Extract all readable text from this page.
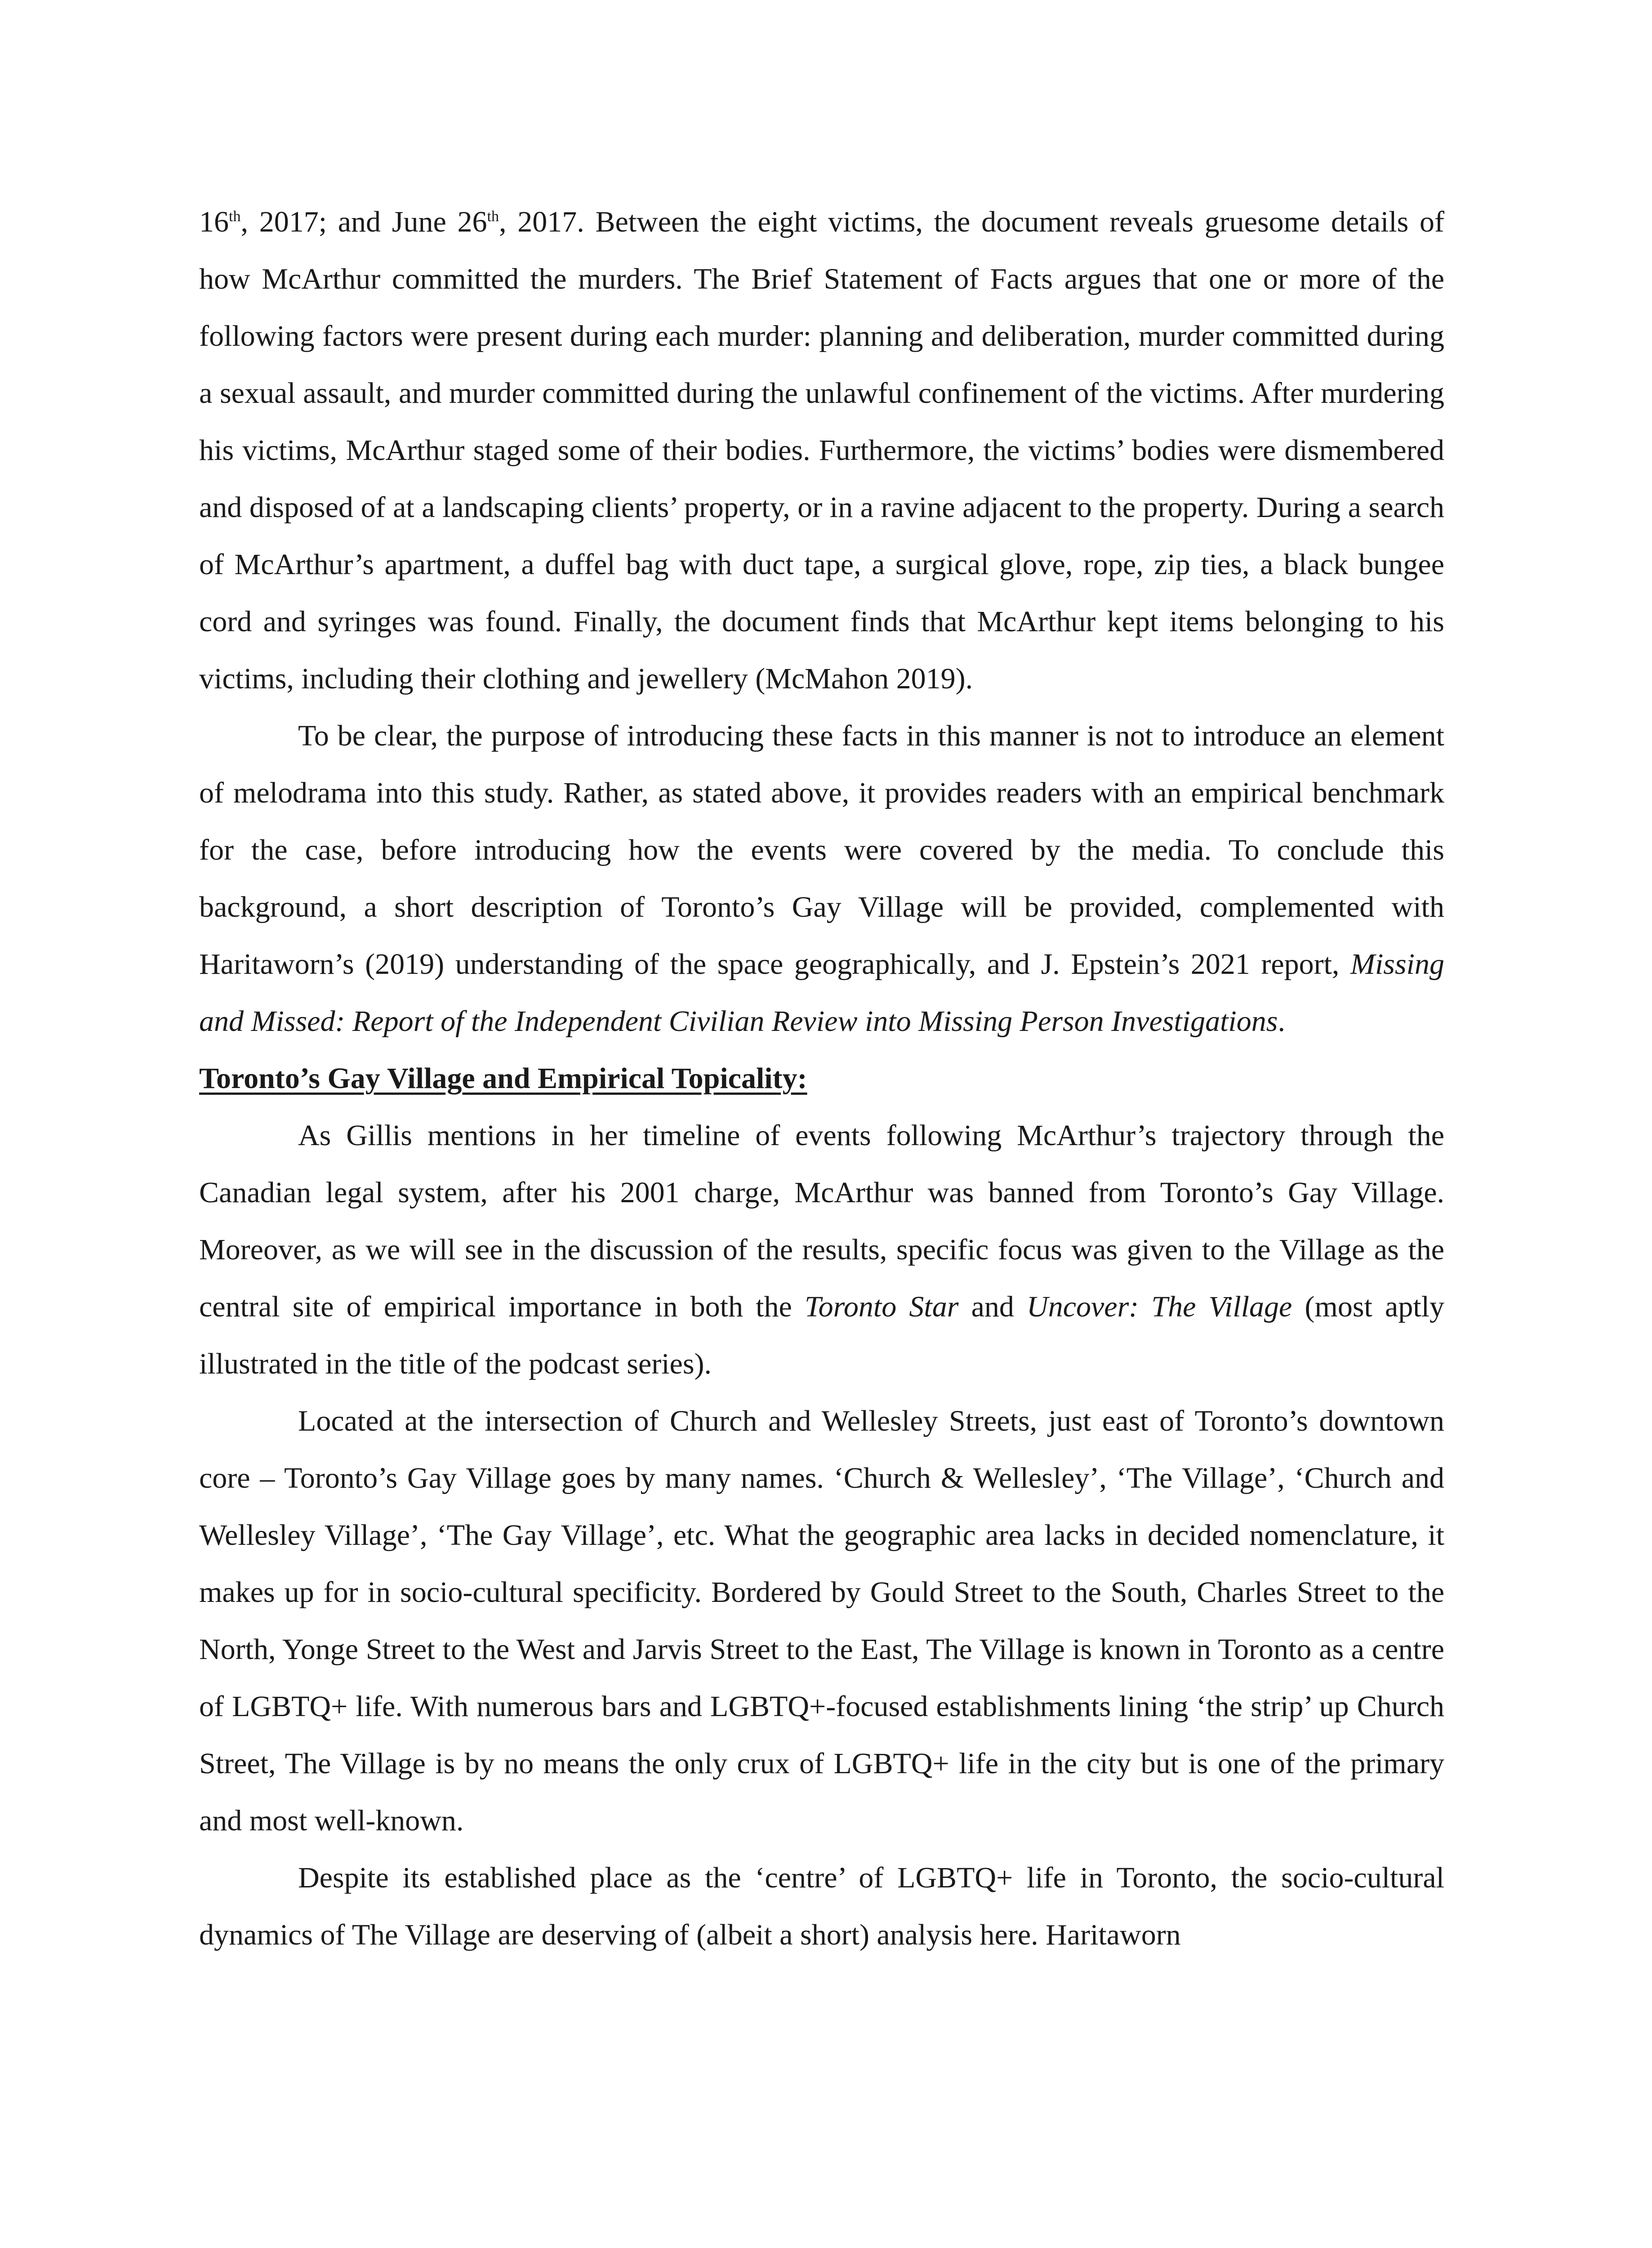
16th, 2017; and June 26th, 2017. Between the eight victims, the document reveals gruesome details of how McArthur committed the murders. The Brief Statement of Facts argues that one or more of the following factors were present during each murder: planning and deliberation, murder committed during a sexual assault, and murder committed during the unlawful confinement of the victims. After murdering his victims, McArthur staged some of their bodies. Furthermore, the victims’ bodies were dismembered and disposed of at a landscaping clients’ property, or in a ravine adjacent to the property. During a search of McArthur’s apartment, a duffel bag with duct tape, a surgical glove, rope, zip ties, a black bungee cord and syringes was found. Finally, the document finds that McArthur kept items belonging to his victims, including their clothing and jewellery (McMahon 2019).

To be clear, the purpose of introducing these facts in this manner is not to introduce an element of melodrama into this study. Rather, as stated above, it provides readers with an empirical benchmark for the case, before introducing how the events were covered by the media. To conclude this background, a short description of Toronto’s Gay Village will be provided, complemented with Haritaworn’s (2019) understanding of the space geographically, and J. Epstein’s 2021 report, Missing and Missed: Report of the Independent Civilian Review into Missing Person Investigations.

Toronto’s Gay Village and Empirical Topicality:

As Gillis mentions in her timeline of events following McArthur’s trajectory through the Canadian legal system, after his 2001 charge, McArthur was banned from Toronto’s Gay Village. Moreover, as we will see in the discussion of the results, specific focus was given to the Village as the central site of empirical importance in both the Toronto Star and Uncover: The Village (most aptly illustrated in the title of the podcast series).

Located at the intersection of Church and Wellesley Streets, just east of Toronto’s downtown core – Toronto’s Gay Village goes by many names. ‘Church & Wellesley’, ‘The Village’, ‘Church and Wellesley Village’, ‘The Gay Village’, etc. What the geographic area lacks in decided nomenclature, it makes up for in socio-cultural specificity. Bordered by Gould Street to the South, Charles Street to the North, Yonge Street to the West and Jarvis Street to the East, The Village is known in Toronto as a centre of LGBTQ+ life. With numerous bars and LGBTQ+-focused establishments lining ‘the strip’ up Church Street, The Village is by no means the only crux of LGBTQ+ life in the city but is one of the primary and most well-known.

Despite its established place as the ‘centre’ of LGBTQ+ life in Toronto, the socio-cultural dynamics of The Village are deserving of (albeit a short) analysis here. Haritaworn
